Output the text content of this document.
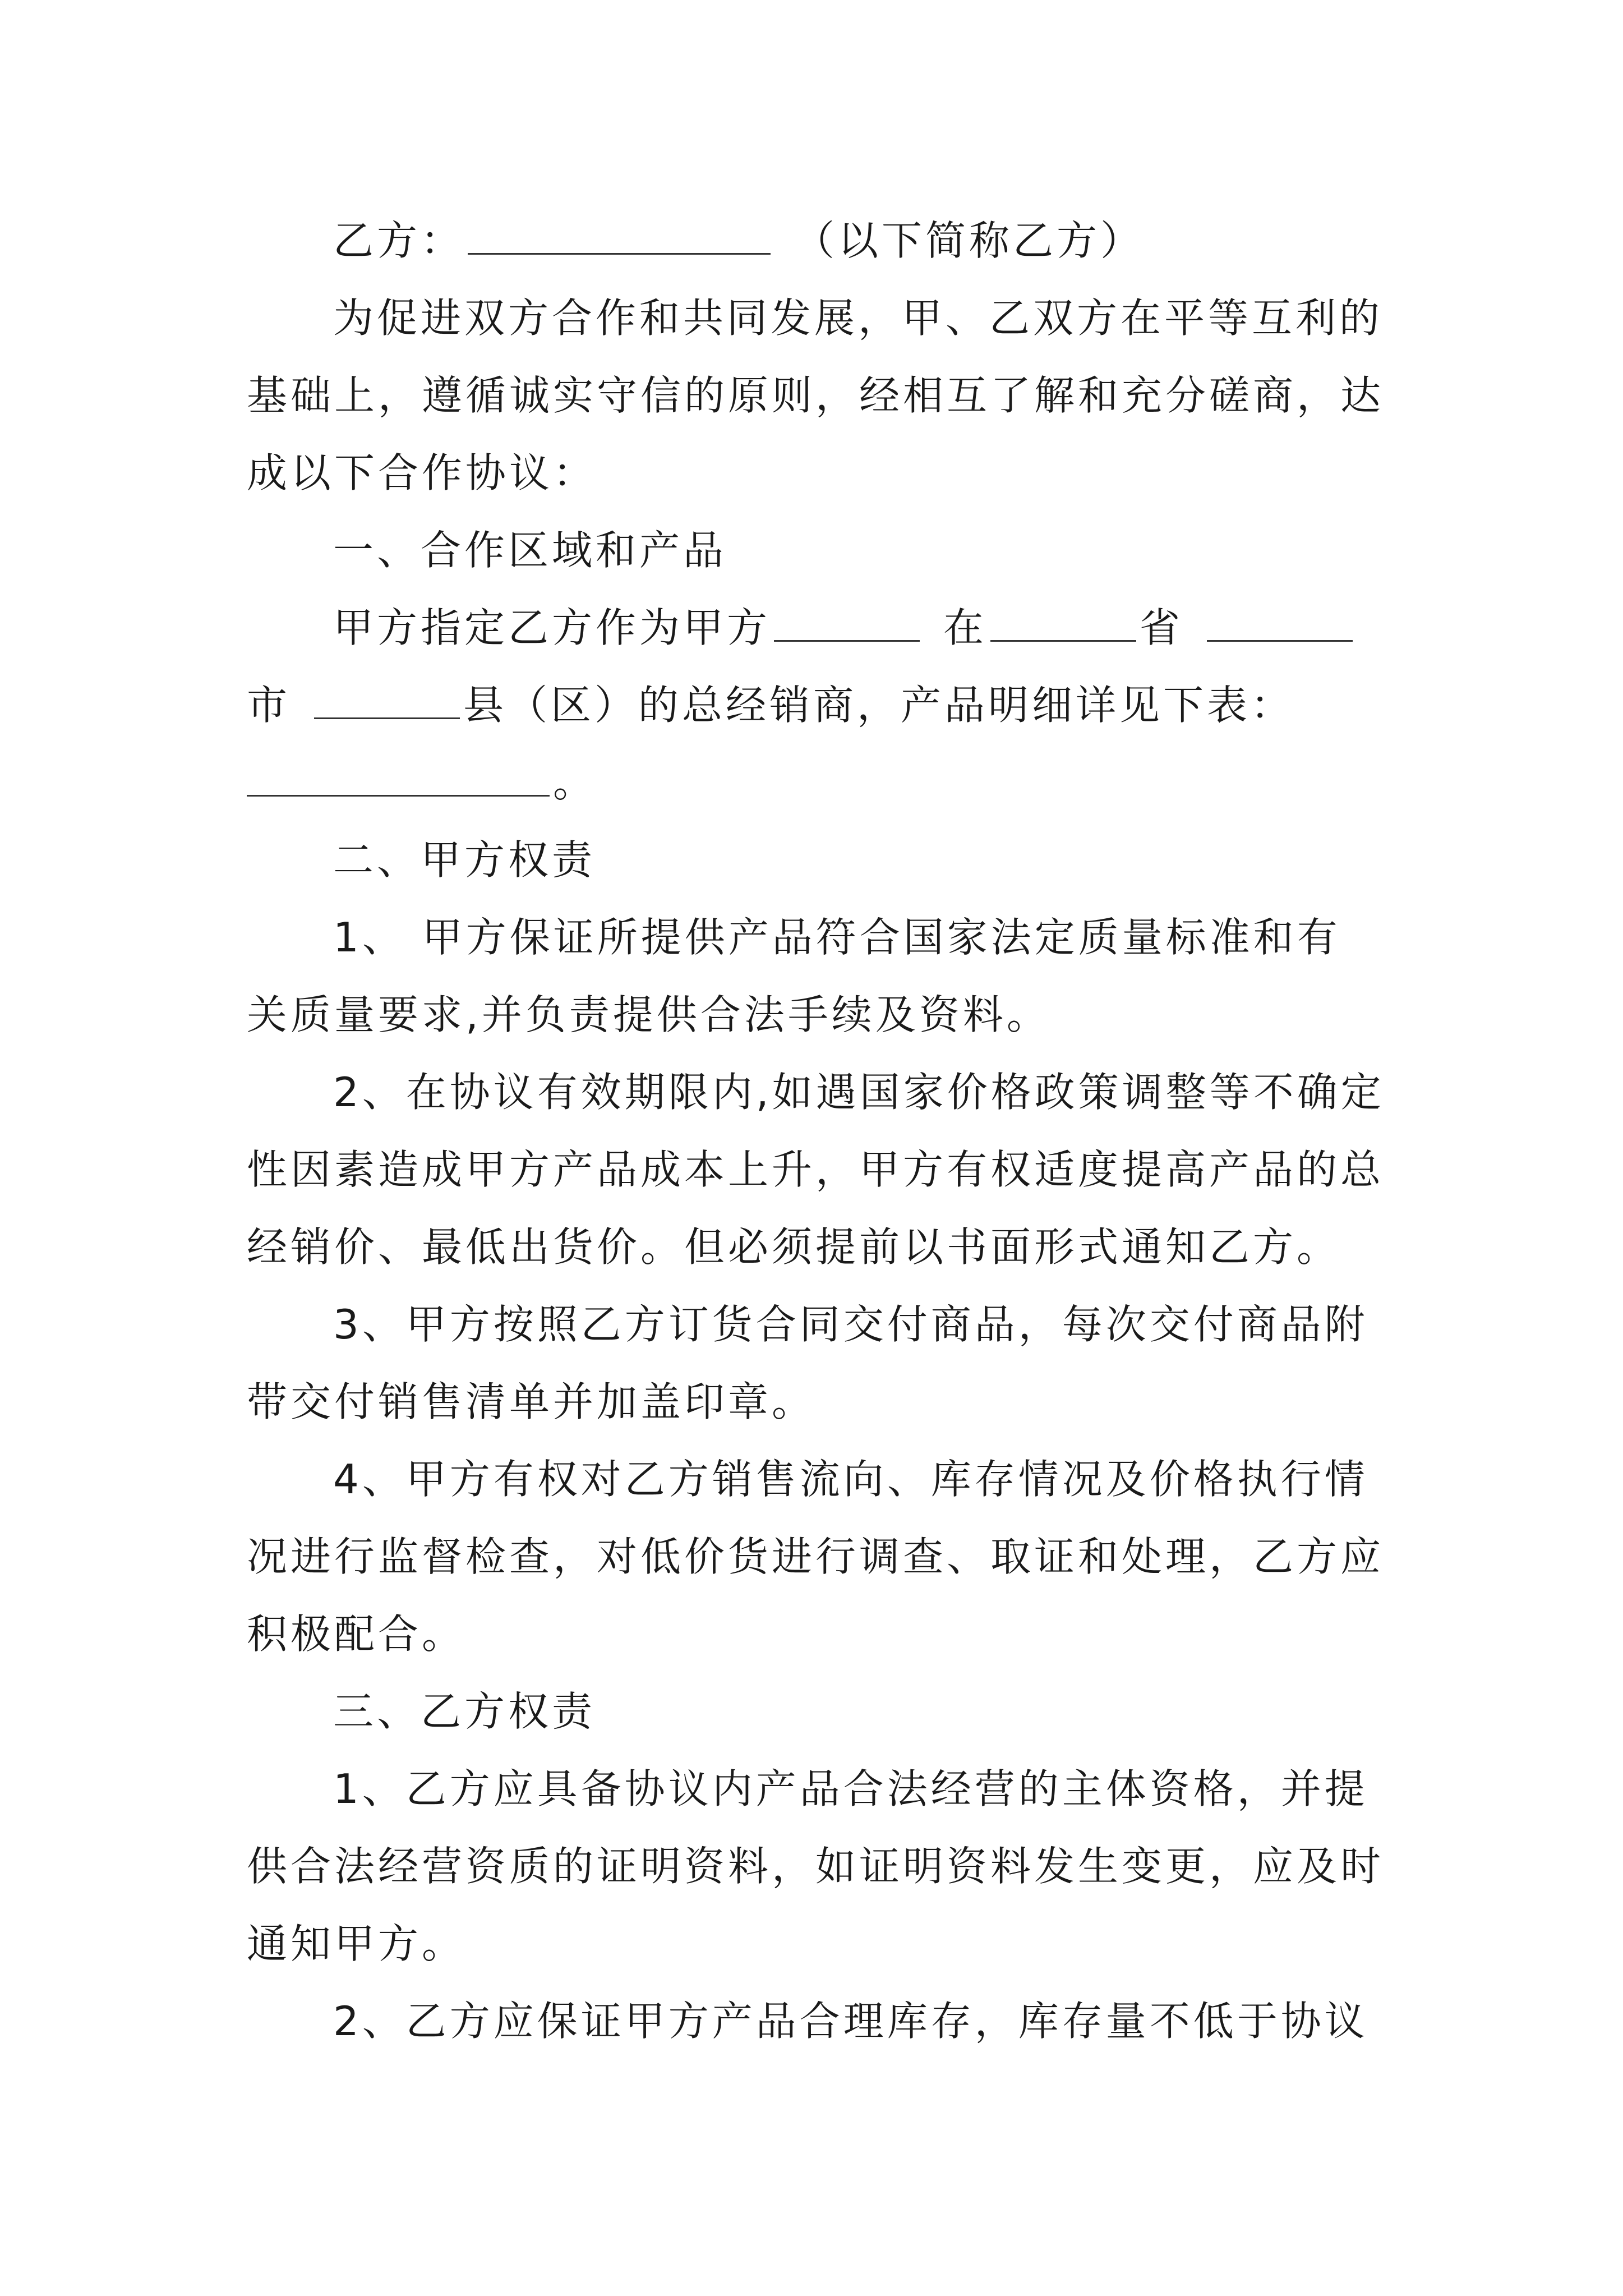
乙方：	（以下简称乙方）
为促进双方合作和共同发展，甲、乙双方在平等互利的
基础上，遵循诚实守信的原则，经相互了解和充分磋商，达
成以下合作协议：
一、合作区域和产品
甲方指定乙方作为甲方	在	省
市	县（区）的总经销商，产品明细详见下表：
。
二、甲方权责
1、 甲方保证所提供产品符合国家法定质量标准和有
关质量要求,并负责提供合法手续及资料。
2、在协议有效期限内,如遇国家价格政策调整等不确定
性因素造成甲方产品成本上升，甲方有权适度提高产品的总
经销价、最低出货价。但必须提前以书面形式通知乙方。
3、甲方按照乙方订货合同交付商品，每次交付商品附
带交付销售清单并加盖印章。
4、甲方有权对乙方销售流向、库存情况及价格执行情
况进行监督检查，对低价货进行调查、取证和处理，乙方应
积极配合。
三、乙方权责
1、乙方应具备协议内产品合法经营的主体资格，并提
供合法经营资质的证明资料，如证明资料发生变更，应及时
通知甲方。
2、乙方应保证甲方产品合理库存，库存量不低于协议
